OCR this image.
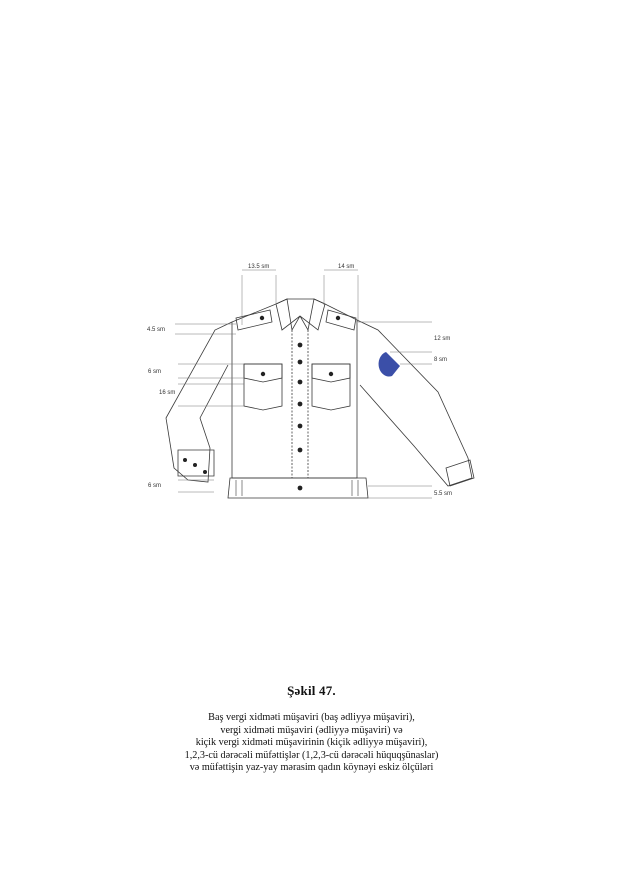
13.5 sm	14 sm
4.5 sm
6 sm
16 sm
6 sm
12 sm
8 sm
5.5 sm
Şəkil 47.
Baş vergi xidməti müşaviri (baş ədliyyə müşaviri),
vergi xidməti müşaviri (ədliyyə müşaviri) və
kiçik vergi xidməti müşavirinin (kiçik ədliyyə müşaviri),
1,2,3-cü dərəcəli müfəttişlər (1,2,3-cü dərəcəli hüquqşünaslar)
və müfəttişin yaz-yay mərasim qadın köynəyi eskiz ölçüləri
